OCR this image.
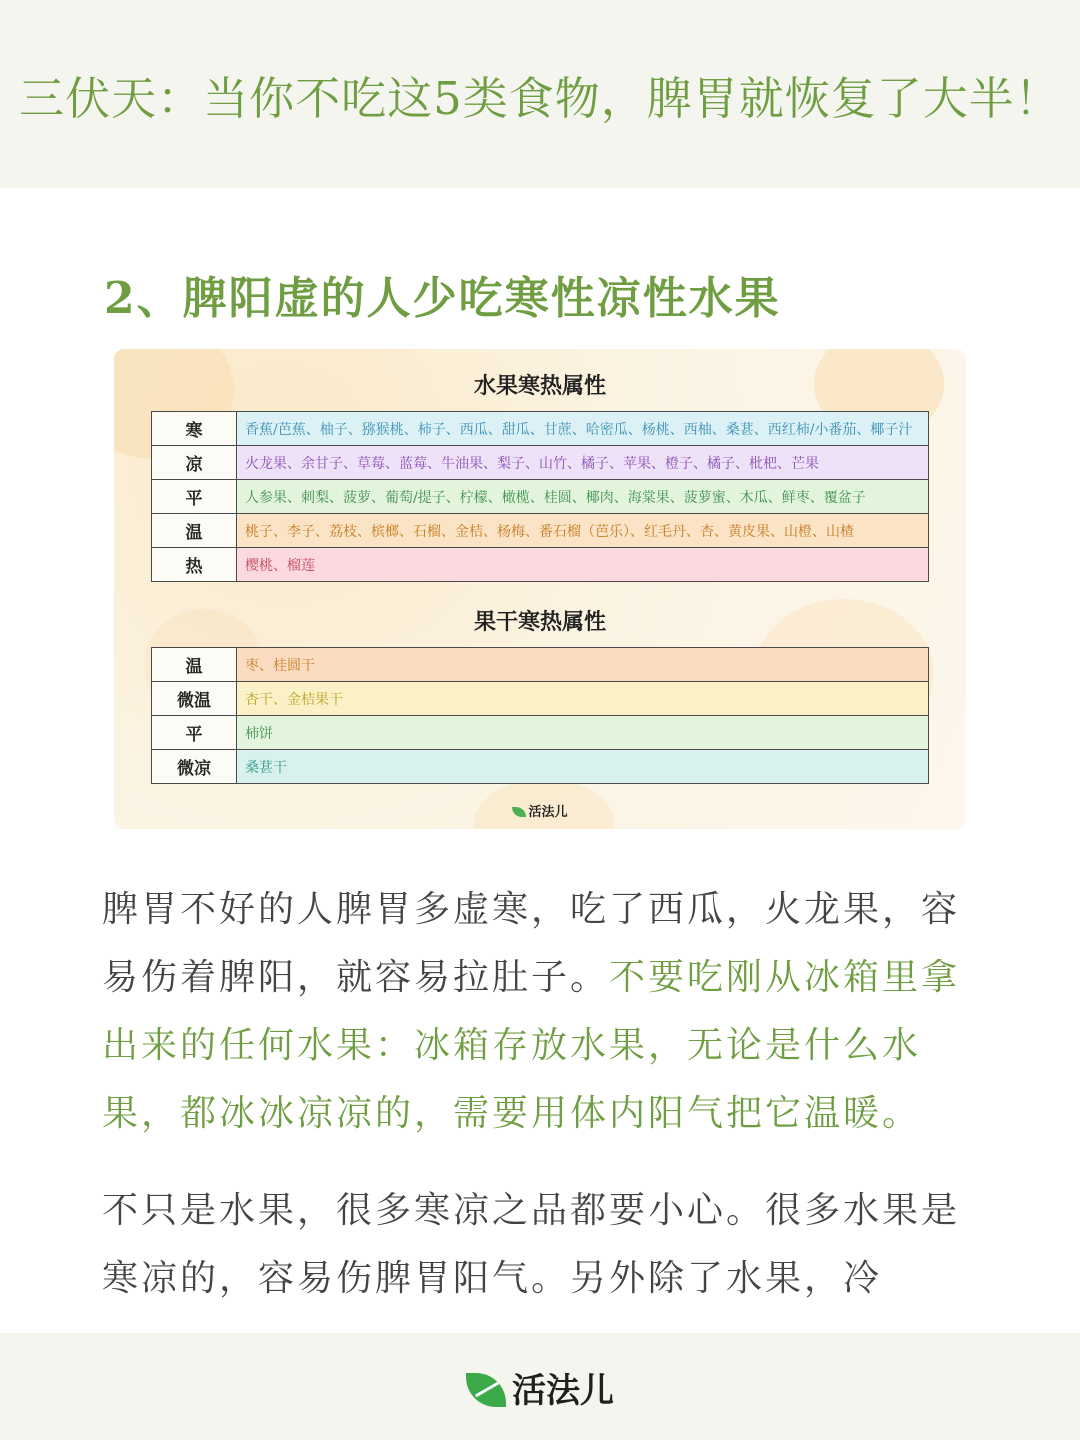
三伏天：当你不吃这5类食物，脾胃就恢复了大半！
2、脾阳虚的人少吃寒性凉性水果
水果寒热属性
寒	香蕉/芭蕉、柚子、猕猴桃、柿子、西瓜、甜瓜、甘蔗、哈密瓜、杨桃、西柚、桑葚、西红柿/小番茄、椰子汁
凉	火龙果、余甘子、草莓、蓝莓、牛油果、梨子、山竹、橘子、苹果、橙子、橘子、枇杷、芒果
平	人参果、刺梨、菠萝、葡萄/提子、柠檬、橄榄、桂圆、椰肉、海棠果、菠萝蜜、木瓜、鲜枣、覆盆子
温	桃子、李子、荔枝、槟榔、石榴、金桔、杨梅、番石榴（芭乐）、红毛丹、杏、黄皮果、山橙、山楂
热	樱桃、榴莲
果干寒热属性
温	枣、桂圆干
微温	杏干、金桔果干
平	柿饼
微凉	桑葚干
活法儿
脾胃不好的人脾胃多虚寒，吃了西瓜，火龙果，容易伤着脾阳，就容易拉肚子。不要吃刚从冰箱里拿出来的任何水果：冰箱存放水果，无论是什么水果，都冰冰凉凉的，需要用体内阳气把它温暖。
不只是水果，很多寒凉之品都要小心。很多水果是寒凉的，容易伤脾胃阳气。另外除了水果，冷
活法儿
